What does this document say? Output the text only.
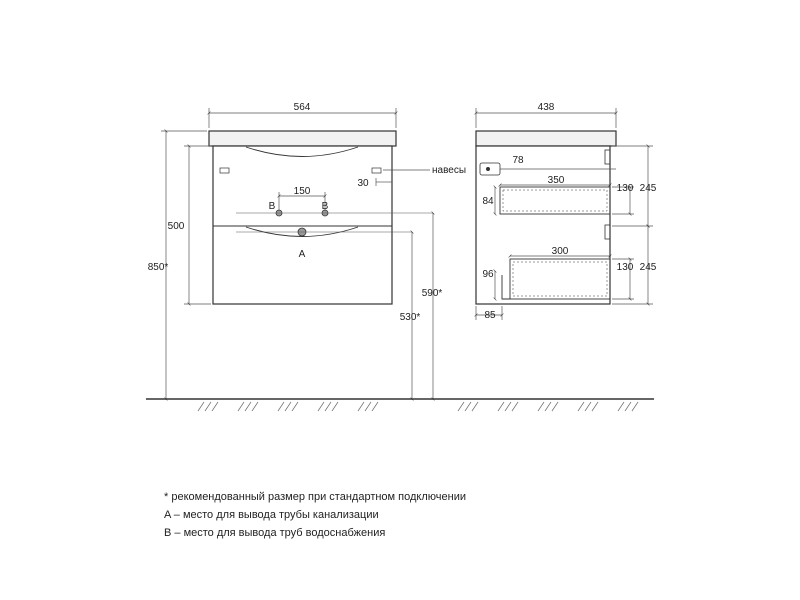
564
500
850*
150
B	B
A
30
навесы
590*
530*
438
78
350
84
130 245
300
96
130 245
85
* рекомендованный размер при стандартном подключении
A – место для вывода трубы канализации
B – место для вывода труб водоснабжения
